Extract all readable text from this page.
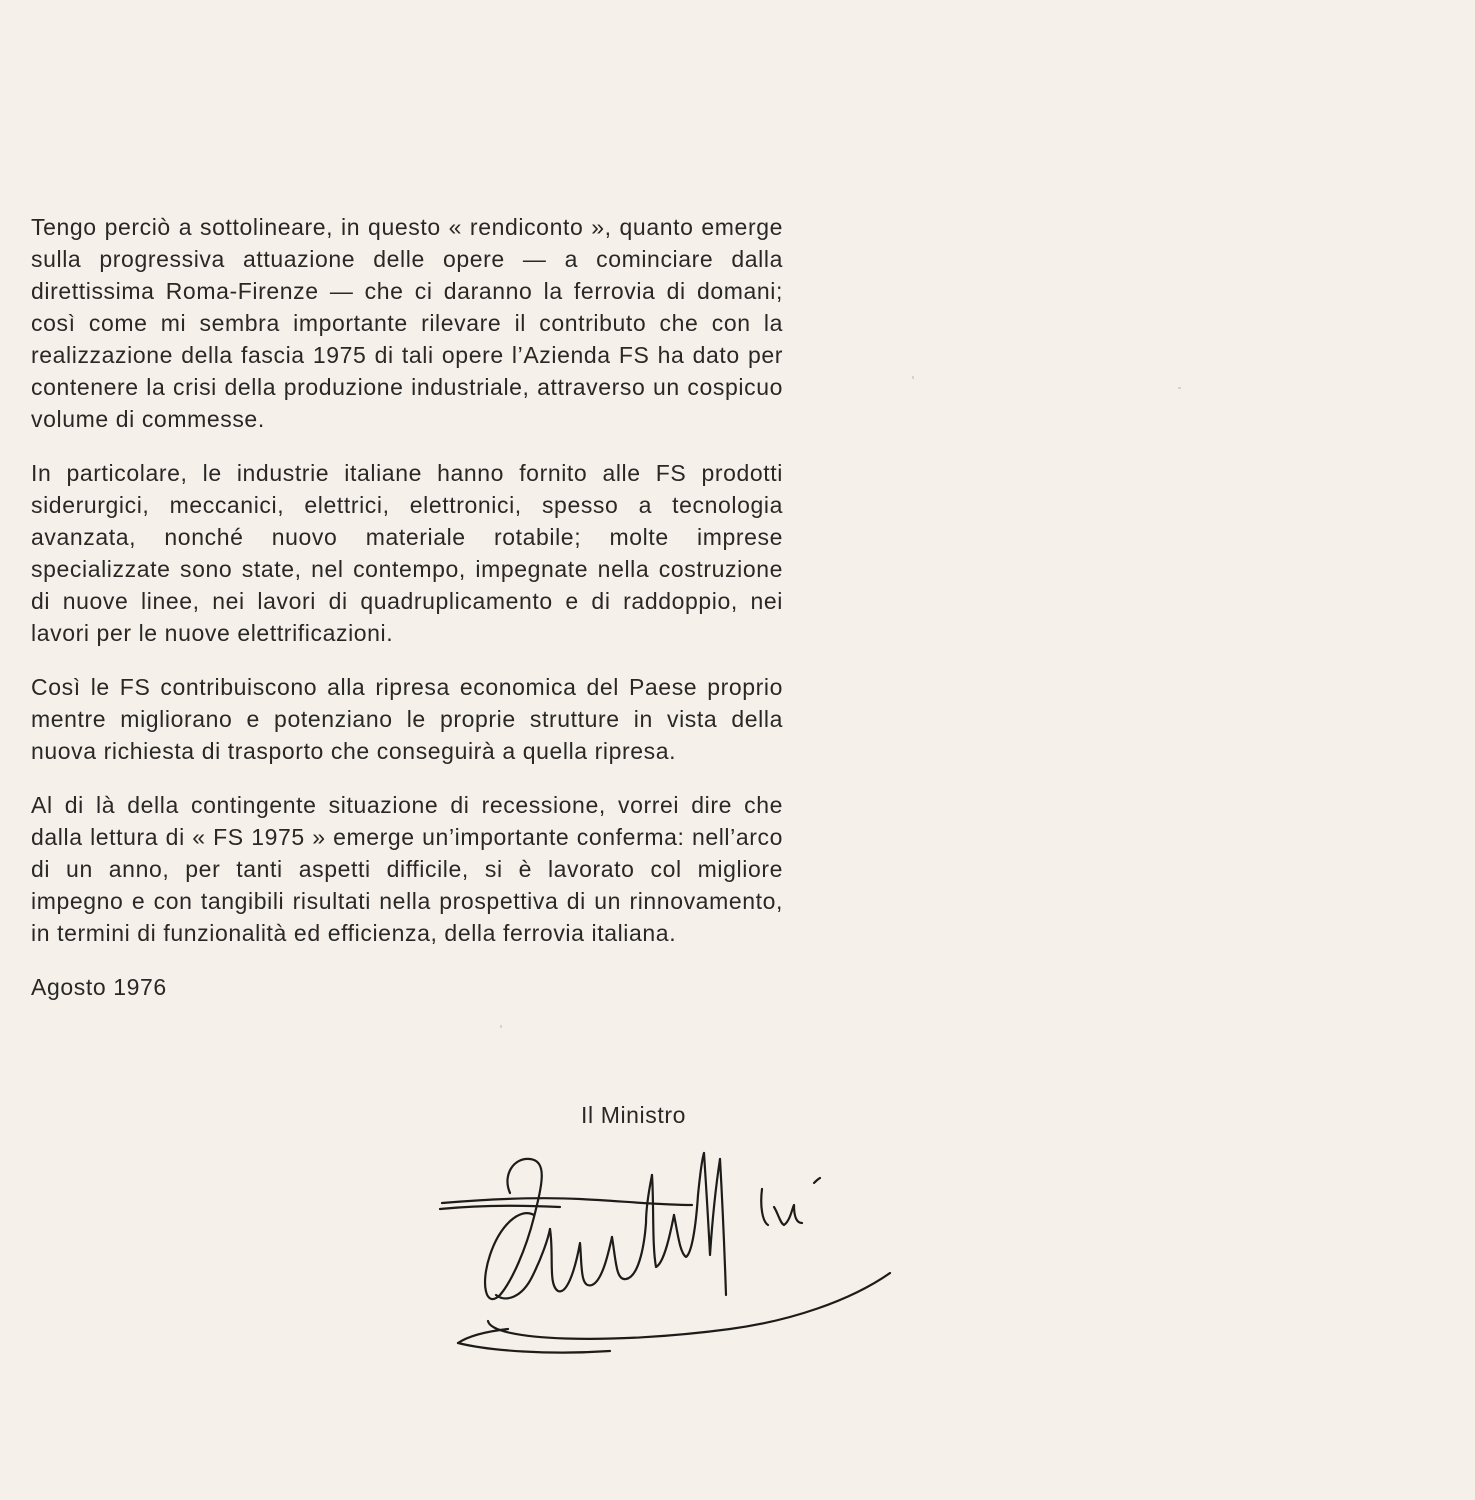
Tengo perciò a sottolineare, in questo « rendiconto », quanto emerge sulla progressiva attuazione delle opere — a cominciare dalla direttissima Roma-Firenze — che ci daranno la ferrovia di domani; così come mi sembra importante rilevare il contributo che con la realizzazione della fascia 1975 di tali opere l’Azienda FS ha dato per contenere la crisi della produzione industriale, attraverso un cospicuo volume di commesse.

In particolare, le industrie italiane hanno fornito alle FS prodotti siderurgici, meccanici, elettrici, elettronici, spesso a tecnologia avanzata, nonché nuovo materiale rotabile; molte imprese specializzate sono state, nel contempo, impegnate nella costruzione di nuove linee, nei lavori di quadruplicamento e di raddoppio, nei lavori per le nuove elettrificazioni.

Così le FS contribuiscono alla ripresa economica del Paese proprio mentre migliorano e potenziano le proprie strutture in vista della nuova richiesta di trasporto che conseguirà a quella ripresa.

Al di là della contingente situazione di recessione, vorrei dire che dalla lettura di « FS 1975 » emerge un’importante conferma: nell’arco di un anno, per tanti aspetti difficile, si è lavorato col migliore impegno e con tangibili risultati nella prospettiva di un rinnovamento, in termini di funzionalità ed efficienza, della ferrovia italiana.

Agosto 1976

Il Ministro
